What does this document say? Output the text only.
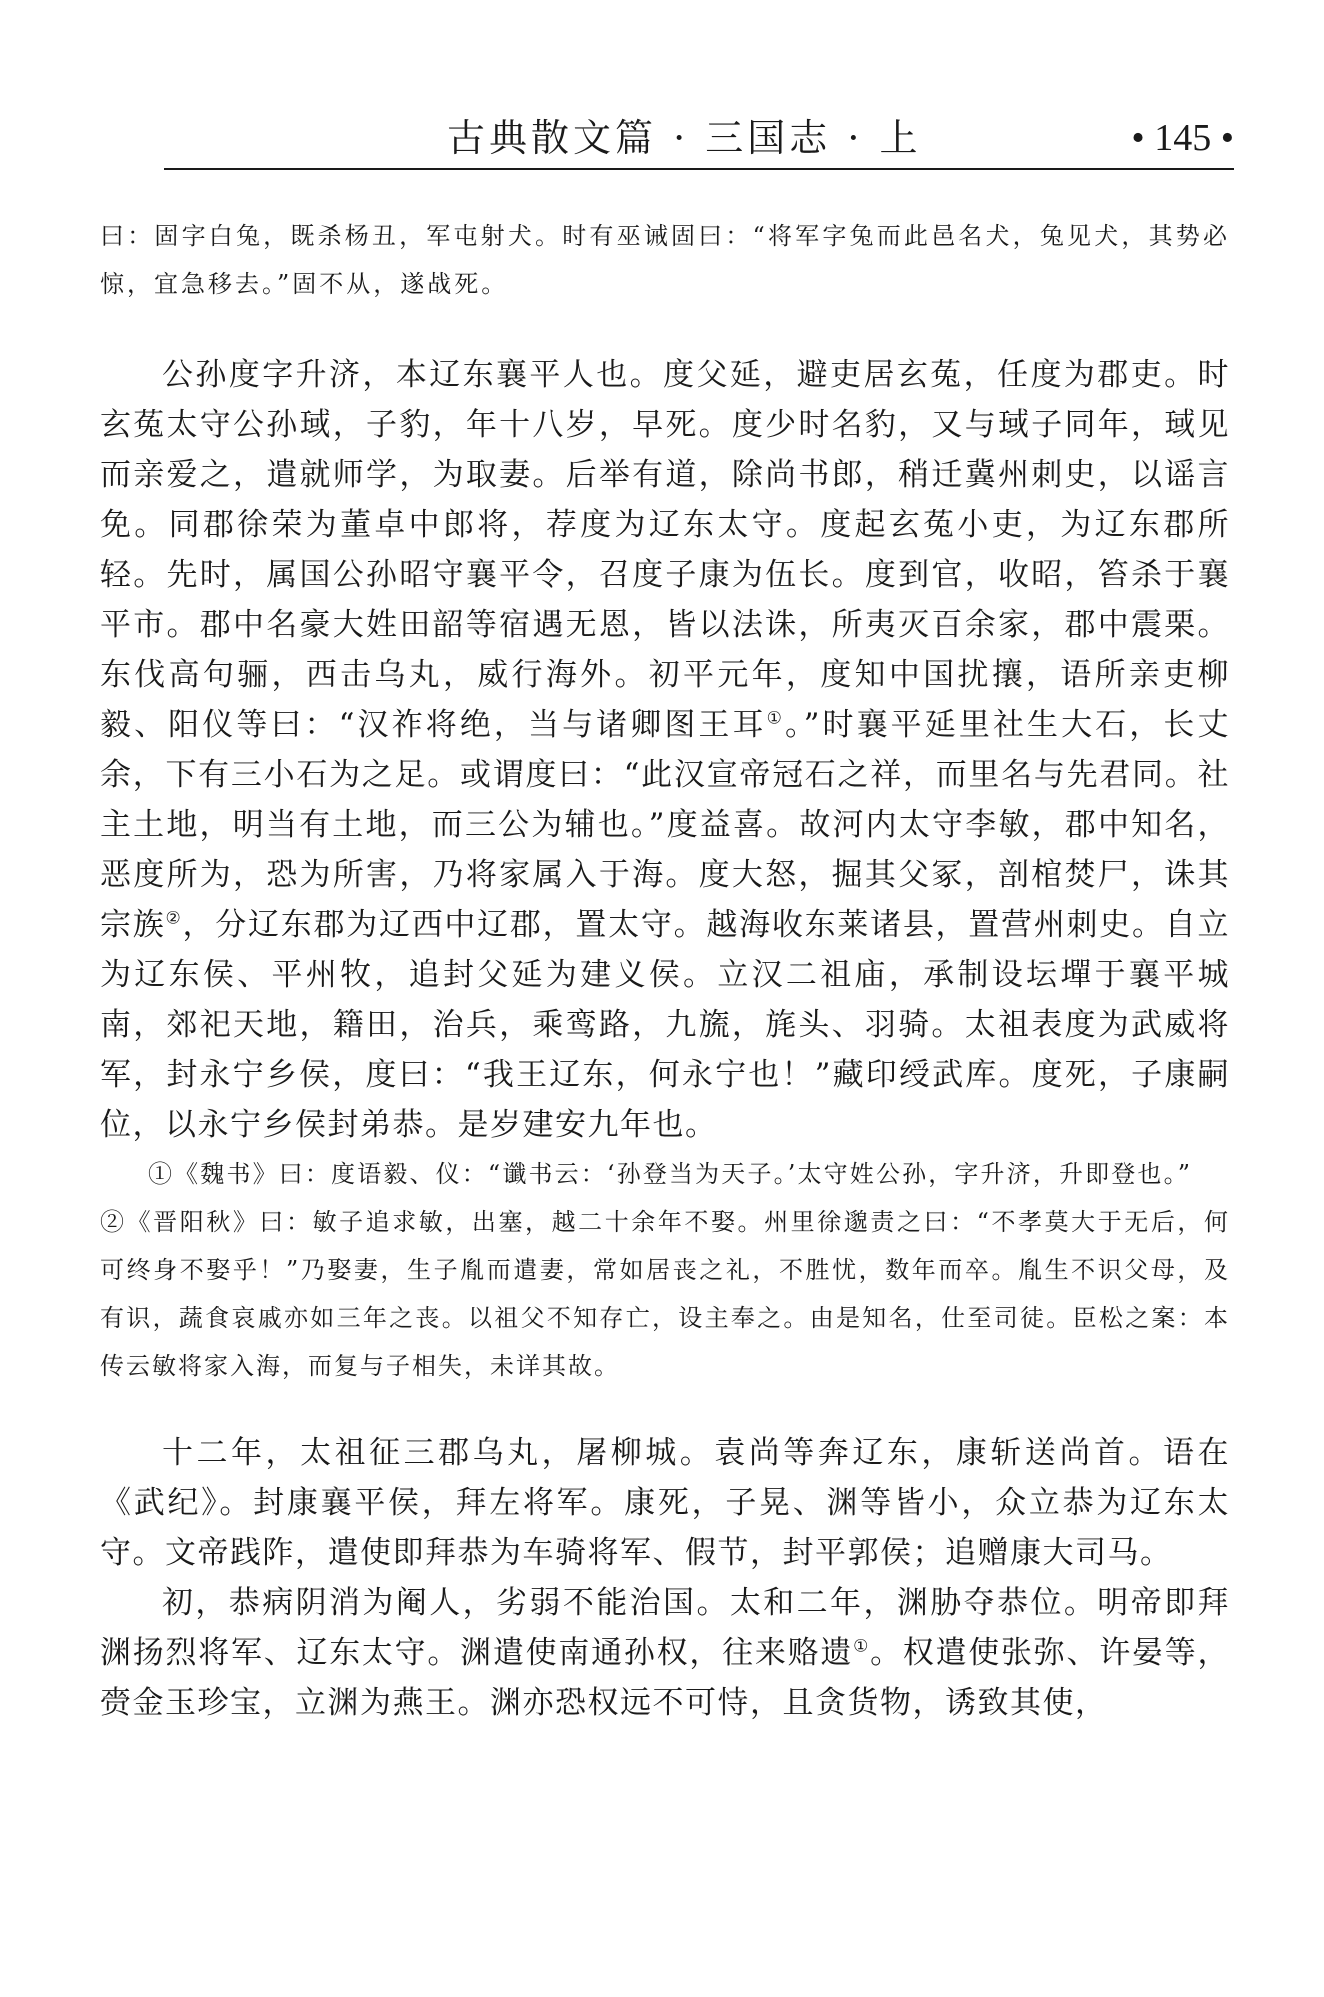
古典散文篇 · 三国志 · 上	• 145 •

曰：固字白兔，既杀杨丑，军屯射犬。时有巫诫固曰：“将军字兔而此邑名犬，兔见犬，其势必惊，宜急移去。”固不从，遂战死。

公孙度字升济，本辽东襄平人也。度父延，避吏居玄菟，任度为郡吏。时玄菟太守公孙琙，子豹，年十八岁，早死。度少时名豹，又与琙子同年，琙见而亲爱之，遣就师学，为取妻。后举有道，除尚书郎，稍迁冀州刺史，以谣言免。同郡徐荣为董卓中郎将，荐度为辽东太守。度起玄菟小吏，为辽东郡所轻。先时，属国公孙昭守襄平令，召度子康为伍长。度到官，收昭，笞杀于襄平市。郡中名豪大姓田韶等宿遇无恩，皆以法诛，所夷灭百余家，郡中震栗。东伐高句骊，西击乌丸，威行海外。初平元年，度知中国扰攘，语所亲吏柳毅、阳仪等曰：“汉祚将绝，当与诸卿图王耳①。”时襄平延里社生大石，长丈余，下有三小石为之足。或谓度曰：“此汉宣帝冠石之祥，而里名与先君同。社主土地，明当有土地，而三公为辅也。”度益喜。故河内太守李敏，郡中知名，恶度所为，恐为所害，乃将家属入于海。度大怒，掘其父冢，剖棺焚尸，诛其宗族②，分辽东郡为辽西中辽郡，置太守。越海收东莱诸县，置营州刺史。自立为辽东侯、平州牧，追封父延为建义侯。立汉二祖庙，承制设坛墠于襄平城南，郊祀天地，籍田，治兵，乘鸾路，九旒，旄头、羽骑。太祖表度为武威将军，封永宁乡侯，度曰：“我王辽东，何永宁也！”藏印绶武库。度死，子康嗣位，以永宁乡侯封弟恭。是岁建安九年也。

①《魏书》曰：度语毅、仪：“谶书云：‘孙登当为天子。’太守姓公孙，字升济，升即登也。”②《晋阳秋》曰：敏子追求敏，出塞，越二十余年不娶。州里徐邈责之曰：“不孝莫大于无后，何可终身不娶乎！”乃娶妻，生子胤而遣妻，常如居丧之礼，不胜忧，数年而卒。胤生不识父母，及有识，蔬食哀戚亦如三年之丧。以祖父不知存亡，设主奉之。由是知名，仕至司徒。臣松之案：本传云敏将家入海，而复与子相失，未详其故。

十二年，太祖征三郡乌丸，屠柳城。袁尚等奔辽东，康斩送尚首。语在《武纪》。封康襄平侯，拜左将军。康死，子晃、渊等皆小，众立恭为辽东太守。文帝践阼，遣使即拜恭为车骑将军、假节，封平郭侯；追赠康大司马。

初，恭病阴消为阉人，劣弱不能治国。太和二年，渊胁夺恭位。明帝即拜渊扬烈将军、辽东太守。渊遣使南通孙权，往来赂遗①。权遣使张弥、许晏等，赍金玉珍宝，立渊为燕王。渊亦恐权远不可恃，且贪货物，诱致其使，
